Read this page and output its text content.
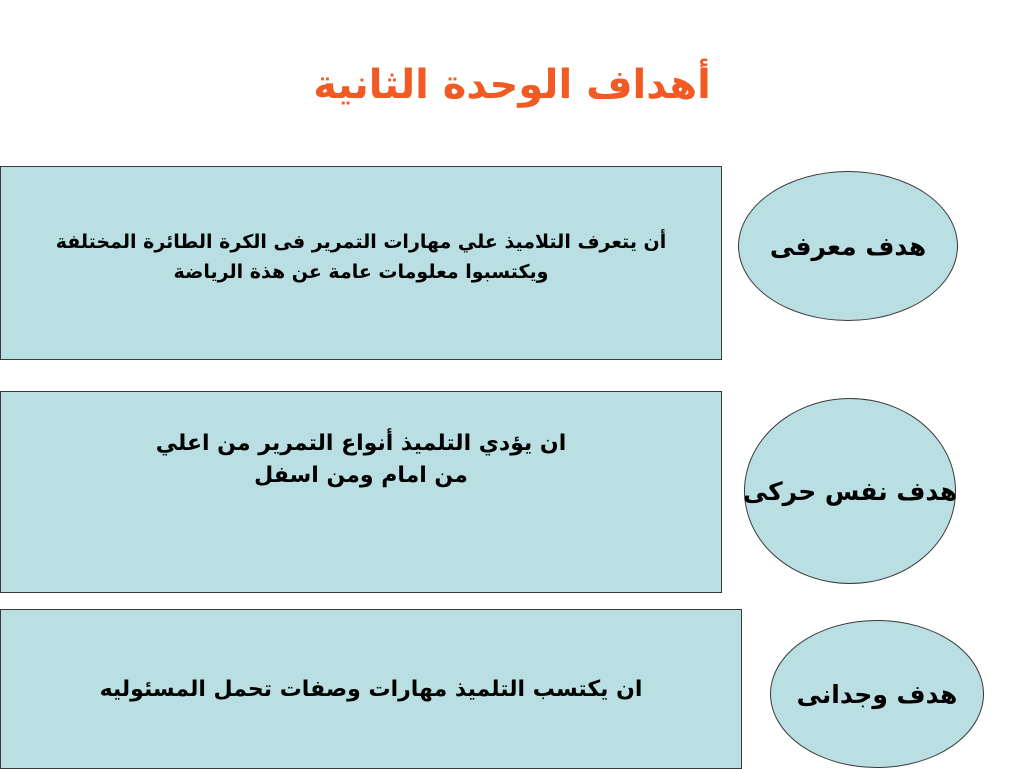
أهداف الوحدة الثانية
أن يتعرف التلاميذ علي مهارات التمرير فى الكرة الطائرة المختلفة
ويكتسبوا معلومات عامة عن هذة الرياضة
هدف معرفى
ان يؤدي التلميذ أنواع التمرير من اعلي
من امام ومن اسفل
هدف نفس حركى
ان يكتسب التلميذ مهارات وصفات تحمل المسئوليه	هدف وجدانى
